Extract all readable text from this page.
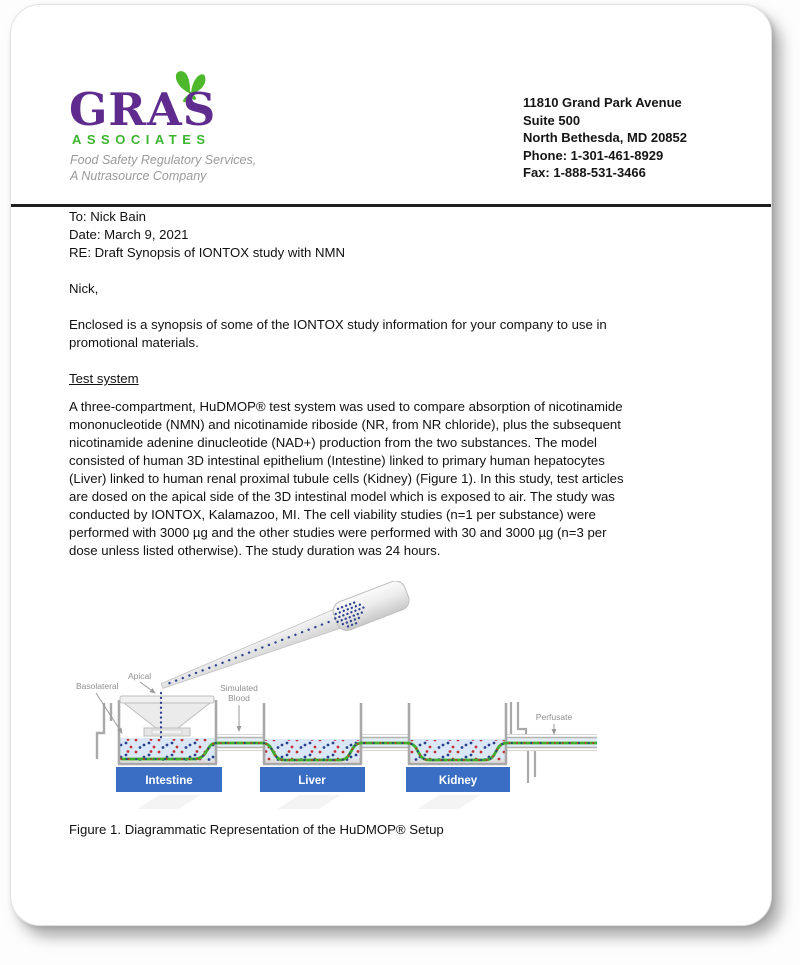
GRAS
ASSOCIATES
Food Safety Regulatory Services,
A Nutrasource Company
11810 Grand Park Avenue
Suite 500
North Bethesda, MD 20852
Phone: 1-301-461-8929
Fax: 1-888-531-3466
To: Nick Bain
Date: March 9, 2021
RE: Draft Synopsis of IONTOX study with NMN
Nick,
Enclosed is a synopsis of some of the IONTOX study information for your company to use in
promotional materials.
Test system
A three-compartment, HuDMOP® test system was used to compare absorption of nicotinamide
mononucleotide (NMN) and nicotinamide riboside (NR, from NR chloride), plus the subsequent
nicotinamide adenine dinucleotide (NAD+) production from the two substances. The model
consisted of human 3D intestinal epithelium (Intestine) linked to primary human hepatocytes
(Liver) linked to human renal proximal tubule cells (Kidney) (Figure 1). In this study, test articles
are dosed on the apical side of the 3D intestinal model which is exposed to air. The study was
conducted by IONTOX, Kalamazoo, MI. The cell viability studies (n=1 per substance) were
performed with 3000 µg and the other studies were performed with 30 and 3000 µg (n=3 per
dose unless listed otherwise). The study duration was 24 hours.
Basolateral
Apical
Simulated
Blood
Perfusate
Intestine	Liver	Kidney
Figure 1. Diagrammatic Representation of the HuDMOP® Setup
